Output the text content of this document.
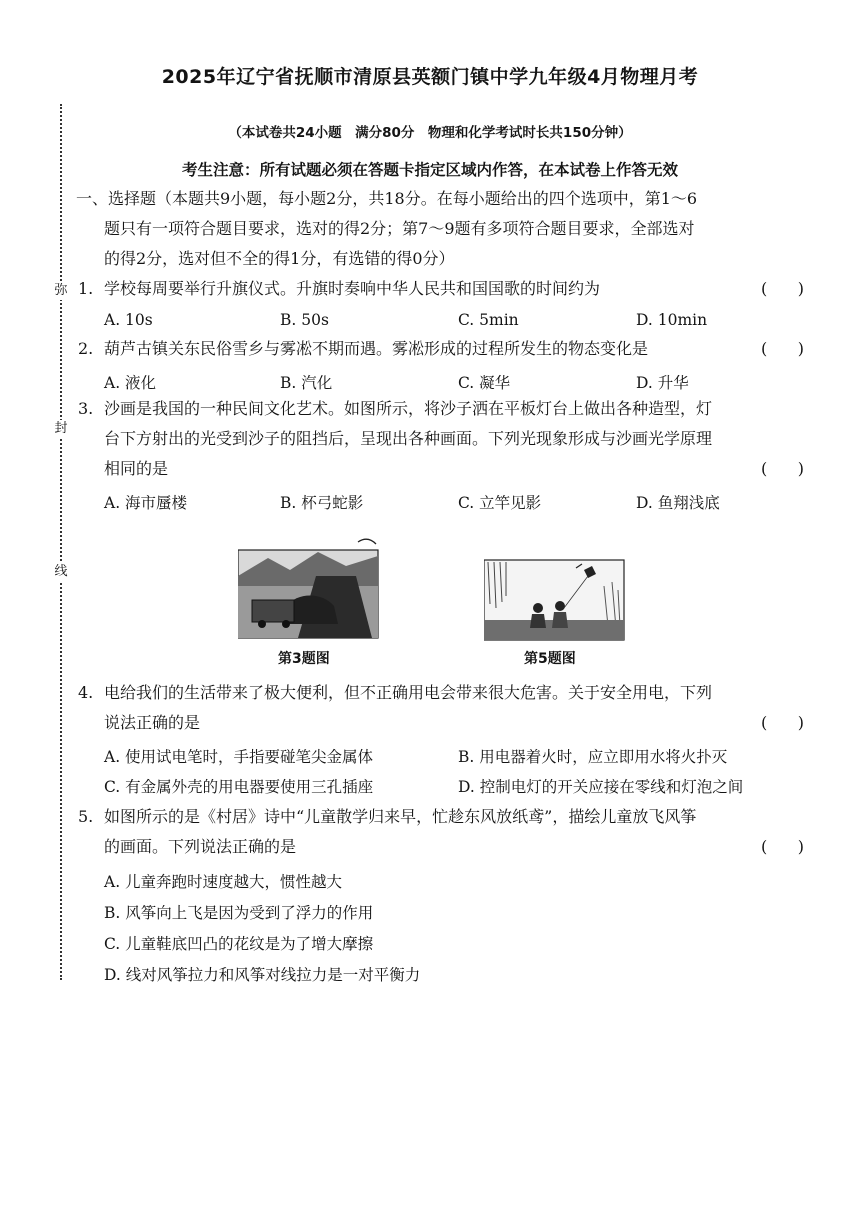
2025年辽宁省抚顺市清原县英额门镇中学九年级4月物理月考
弥
封
线
（本试卷共24小题　满分80分　物理和化学考试时长共150分钟）
考生注意：所有试题必须在答题卡指定区域内作答，在本试卷上作答无效
一、选择题（本题共9小题，每小题2分，共18分。在每小题给出的四个选项中，第1～6
题只有一项符合题目要求，选对的得2分；第7～9题有多项符合题目要求，全部选对
的得2分，选对但不全的得1分，有选错的得0分）
1. 学校每周要举行升旗仪式。升旗时奏响中华人民共和国国歌的时间约为	(      )
A. 10s	B. 50s	C. 5min	D. 10min
2. 葫芦古镇关东民俗雪乡与雾凇不期而遇。雾凇形成的过程所发生的物态变化是	(      )
A. 液化	B. 汽化	C. 凝华	D. 升华
3. 沙画是我国的一种民间文化艺术。如图所示，将沙子洒在平板灯台上做出各种造型，灯
台下方射出的光受到沙子的阻挡后，呈现出各种画面。下列光现象形成与沙画光学原理
相同的是	(      )
A. 海市蜃楼	B. 杯弓蛇影	C. 立竿见影	D. 鱼翔浅底
第3题图	第5题图
4. 电给我们的生活带来了极大便利，但不正确用电会带来很大危害。关于安全用电，下列
说法正确的是	(      )
A. 使用试电笔时，手指要碰笔尖金属体	B. 用电器着火时，应立即用水将火扑灭
C. 有金属外壳的用电器要使用三孔插座	D. 控制电灯的开关应接在零线和灯泡之间
5. 如图所示的是《村居》诗中“儿童散学归来早，忙趁东风放纸鸢”，描绘儿童放飞风筝
的画面。下列说法正确的是	(      )
A. 儿童奔跑时速度越大，惯性越大
B. 风筝向上飞是因为受到了浮力的作用
C. 儿童鞋底凹凸的花纹是为了增大摩擦
D. 线对风筝拉力和风筝对线拉力是一对平衡力
